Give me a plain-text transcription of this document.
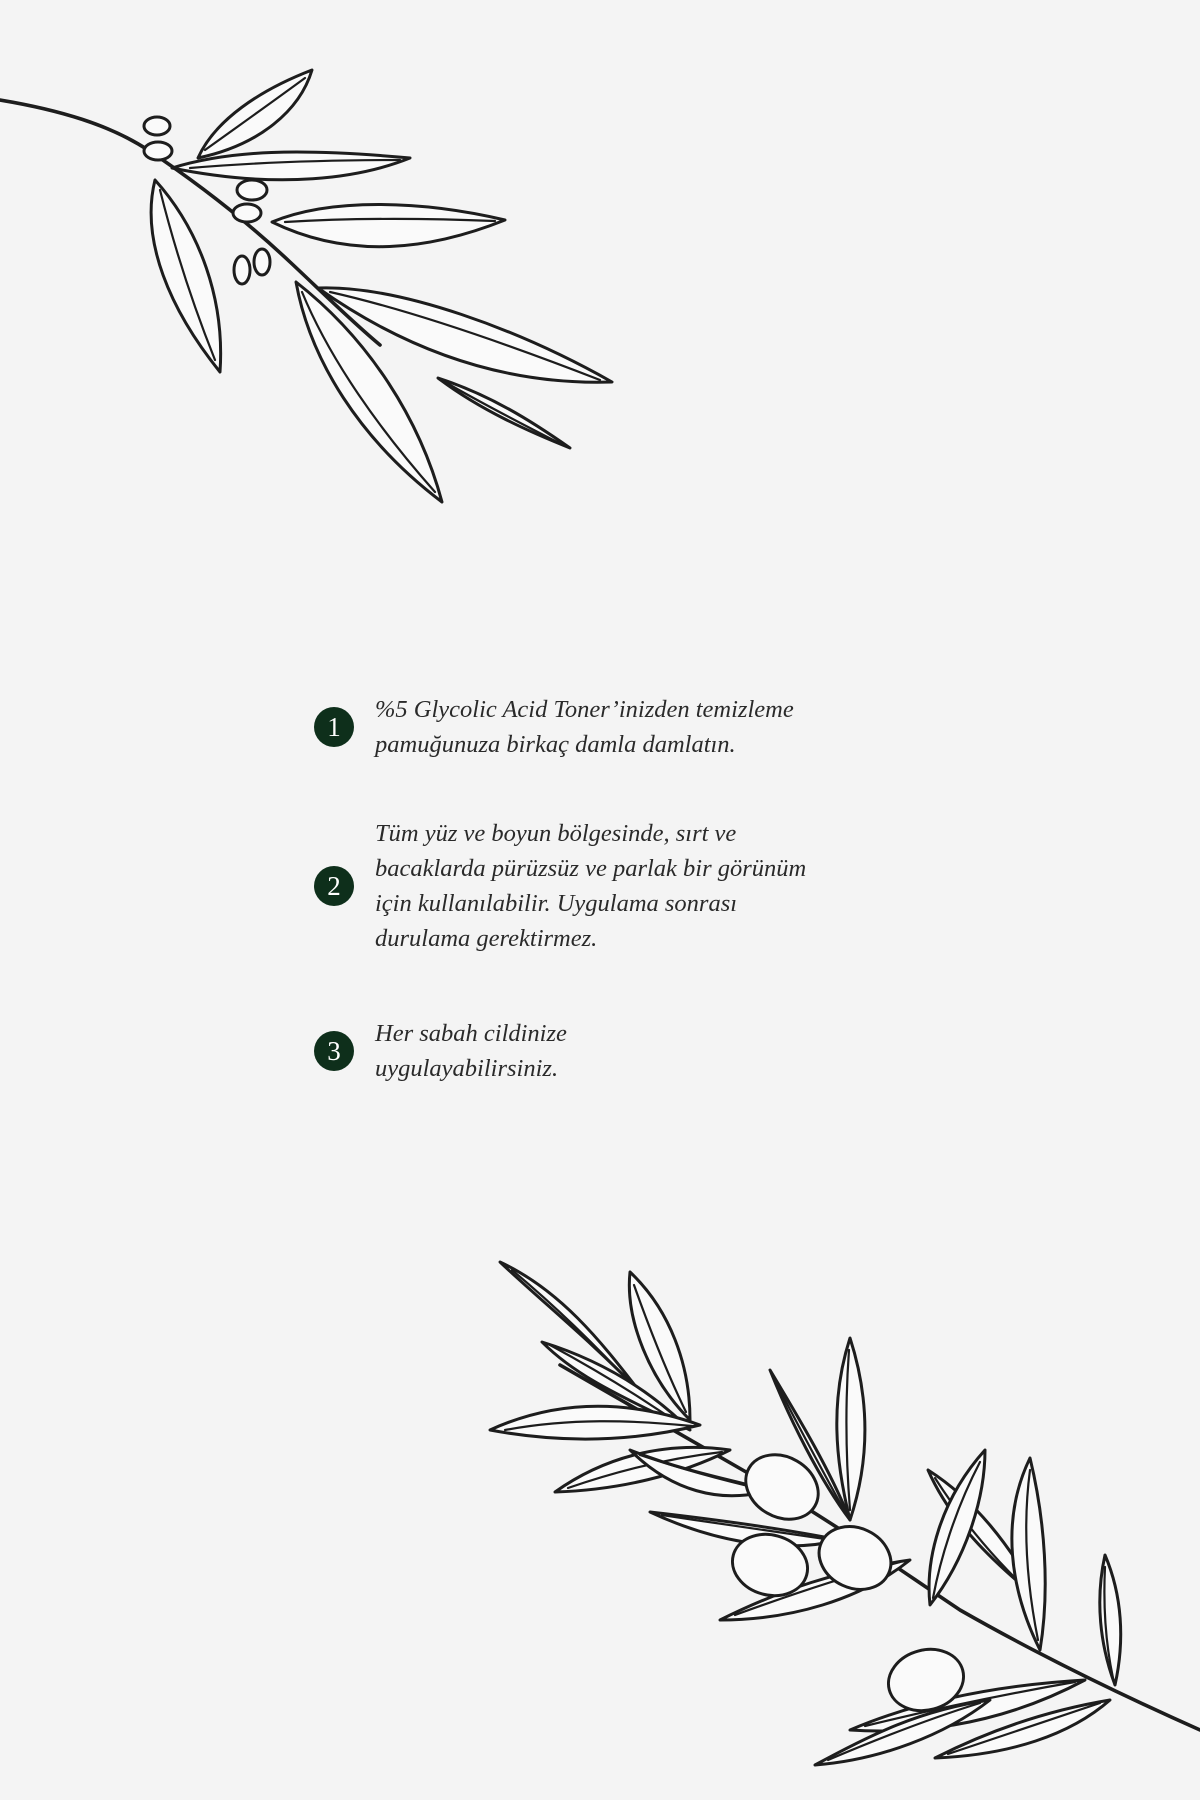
1
%5 Glycolic Acid Toner’inizden temizleme
pamuğunuza birkaç damla damlatın.
2
Tüm yüz ve boyun bölgesinde, sırt ve
bacaklarda pürüzsüz ve parlak bir görünüm
için kullanılabilir. Uygulama sonrası
durulama gerektirmez.
3
Her sabah cildinize
uygulayabilirsiniz.
